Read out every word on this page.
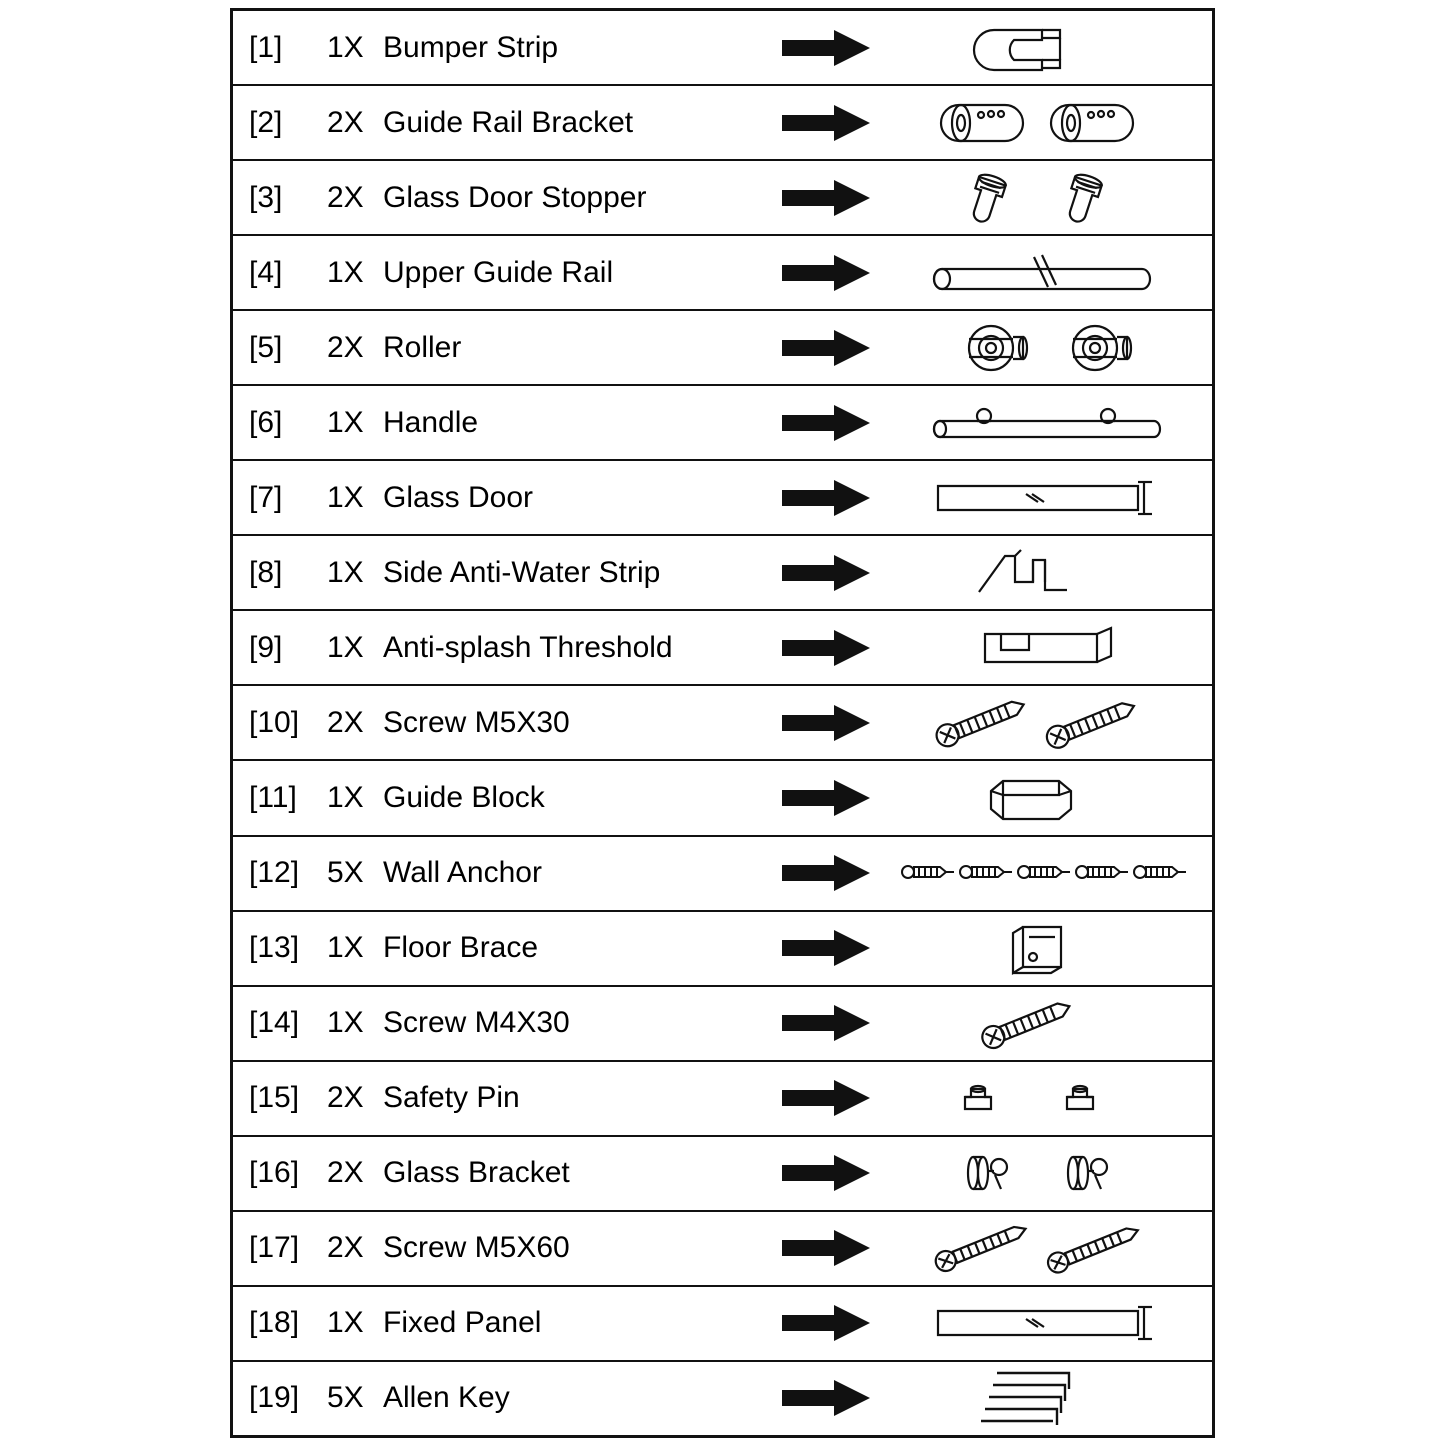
[1]	1X Bumper Strip
[2]	2X Guide Rail Bracket
[3]	2X Glass Door Stopper
[4]	1X Upper Guide Rail
[5]	2X Roller
[6]	1X Handle
[7]	1X Glass Door
[8]	1X Side Anti-Water Strip
[9]	1X Anti-splash Threshold
[10] 2X Screw M5X30
[11]	1X Guide Block
[12] 5X Wall Anchor
[13] 1X Floor Brace
[14] 1X Screw M4X30
[15] 2X Safety Pin
[16] 2X Glass Bracket
[17] 2X Screw M5X60
[18] 1X Fixed Panel
[19] 5X Allen Key
